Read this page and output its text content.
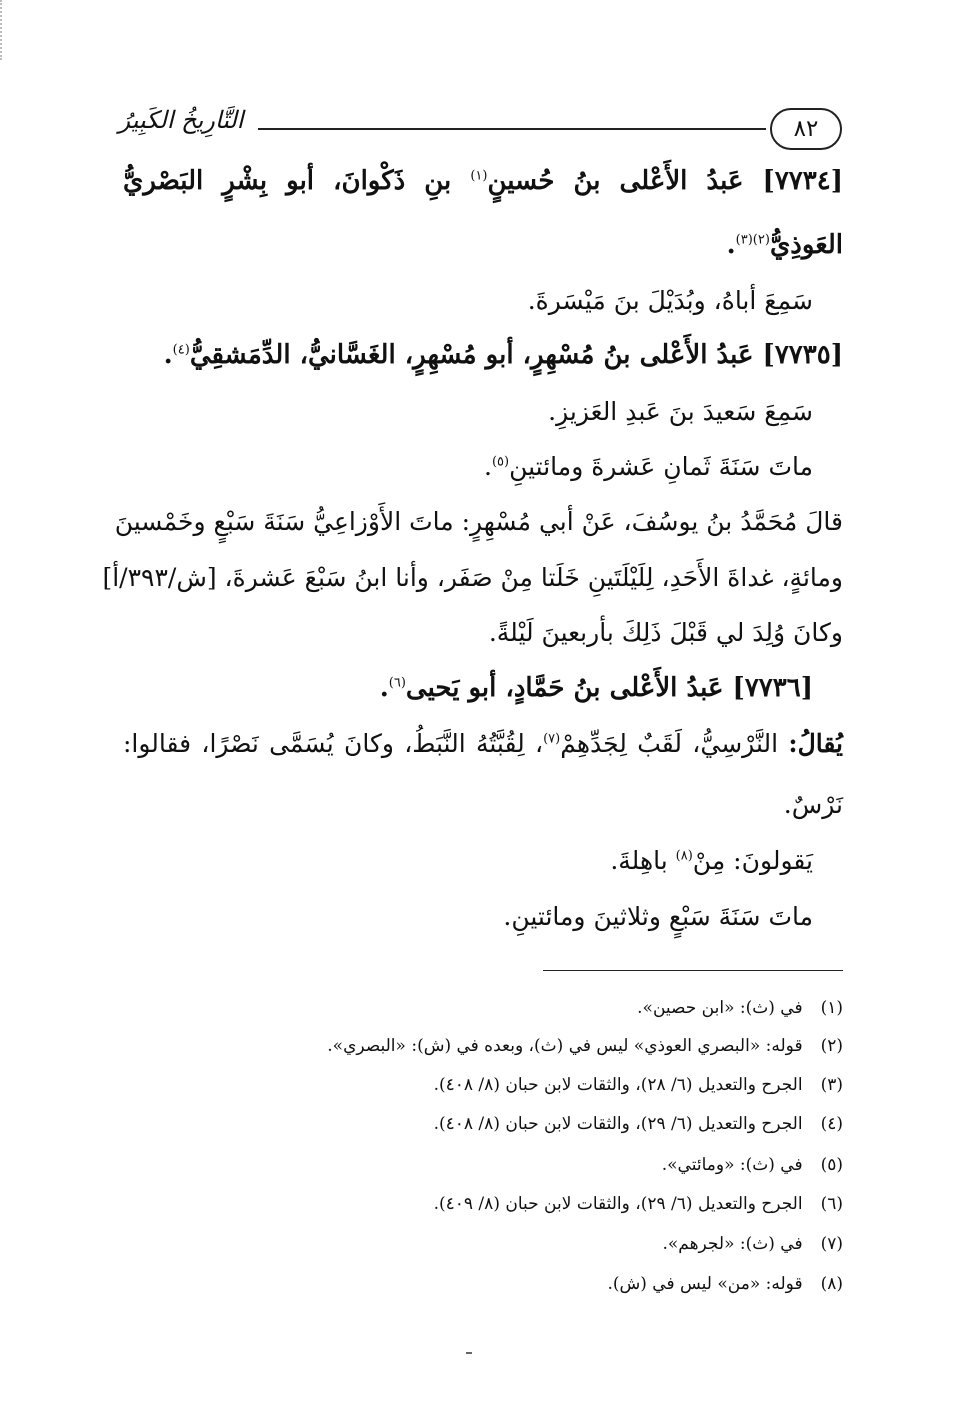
التَّارِيخُ الكَبِيرُ	٨٢
[٧٧٣٤] عَبدُ الأَعْلى بنُ حُسينٍ$^{(١)}$ بنِ ذَكْوانَ، أبو بِشْرٍ البَصْريُّ
العَوذِيُّ$^{(٢)(٣)}$.
سَمِعَ أباهُ، وبُدَيْلَ بنَ مَيْسَرةَ.
[٧٧٣٥] عَبدُ الأَعْلى بنُ مُسْهِرٍ، أبو مُسْهِرٍ، الغَسَّانيُّ، الدِّمَشقِيُّ$^{(٤)}$.
سَمِعَ سَعيدَ بنَ عَبدِ العَزيزِ.
ماتَ سَنَةَ ثَمانِ عَشرةَ ومائتينِ$^{(٥)}$.
قالَ مُحَمَّدُ بنُ يوسُفَ، عَنْ أبي مُسْهِرٍ: ماتَ الأَوْزاعِيُّ سَنَةَ سَبْعٍ وخَمْسينَ
ومائةٍ، غداةَ الأَحَدِ، لِلَيْلَتَينِ خَلَتا مِنْ صَفَر، وأنا ابنُ سَبْعَ عَشرةَ، [ش/٣٩٣/أ]
وكانَ وُلِدَ لي قَبْلَ ذَلِكَ بأربعينَ لَيْلةً.
[٧٧٣٦] عَبدُ الأَعْلى بنُ حَمَّادٍ، أبو يَحيى$^{(٦)}$.
يُقالُ: النَّرْسِيُّ، لَقَبٌ لِجَدِّهِمْ$^{(٧)}$، لِقُبَّتُهُ النَّبَطُ، وكانَ يُسَمَّى نَصْرًا، فقالوا:
نَرْسٌ.
يَقولونَ: مِنْ$^{(٨)}$ باهِلةَ.
ماتَ سَنَةَ سَبْعٍ وثلاثينَ ومائتينِ.
(١)
في (ث): «ابن حصين».
(٢)
قوله: «البصري العوذي» ليس في (ث)، وبعده في (ش): «البصري».
(٣)
الجرح والتعديل (٦/ ٢٨)، والثقات لابن حبان (٨/ ٤٠٨).
(٤)
الجرح والتعديل (٦/ ٢٩)، والثقات لابن حبان (٨/ ٤٠٨).
(٥)
في (ث): «ومائتي».
(٦)
الجرح والتعديل (٦/ ٢٩)، والثقات لابن حبان (٨/ ٤٠٩).
(٧)
في (ث): «لجرهم».
(٨)
قوله: «من» ليس في (ش).
